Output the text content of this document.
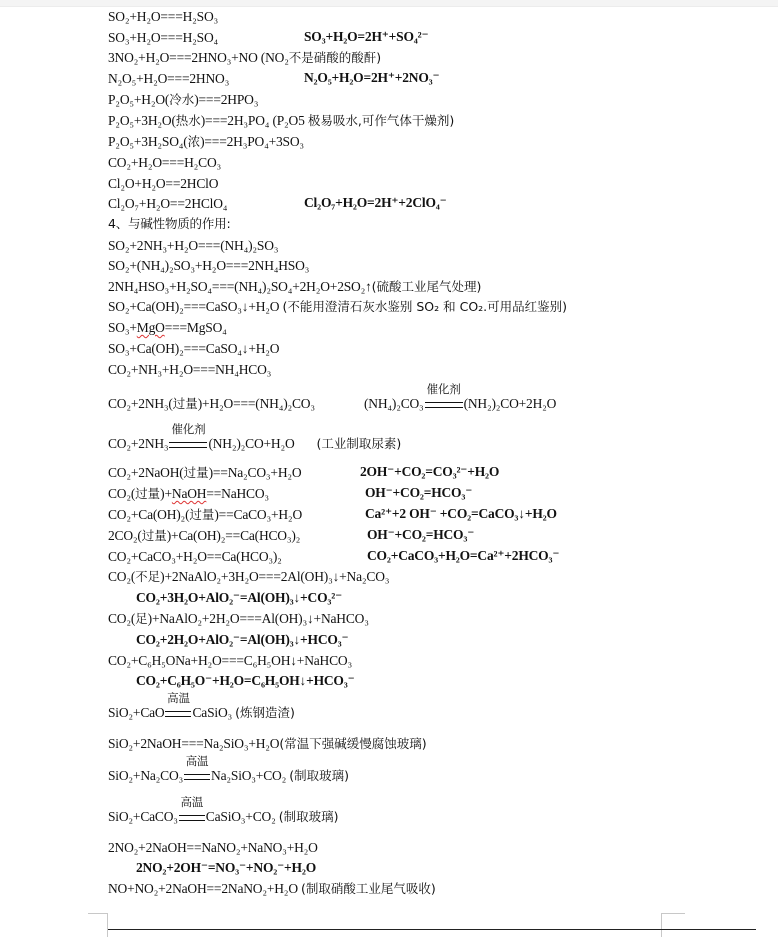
SO₂+H₂O===H₂SO₃
SO₃+H₂O===H₂SO₄	SO₃+H₂O=2H⁺+SO₄²⁻
3NO₂+H₂O===2HNO₃+NO (NO₂不是硝酸的酸酐)
N₂O₅+H₂O===2HNO₃	N₂O₅+H₂O=2H⁺+2NO₃⁻
P₂O₅+H₂O(冷水)===2HPO₃
P₂O₅+3H₂O(热水)===2H₃PO₄ (P₂O5 极易吸水,可作气体干燥剂)
P₂O₅+3H₂SO₄(浓)===2H₃PO₄+3SO₃
CO₂+H₂O===H₂CO₃
Cl₂O+H₂O==2HClO
Cl₂O₇+H₂O==2HClO₄	Cl₂O₇+H₂O=2H⁺+2ClO₄⁻
4、与碱性物质的作用:
SO₂+2NH₃+H₂O===(NH₄)₂SO₃
SO₂+(NH₄)₂SO₃+H₂O===2NH₄HSO₃
2NH₄HSO₃+H₂SO₄===(NH₄)₂SO₄+2H₂O+2SO₂↑(硫酸工业尾气处理)
SO₂+Ca(OH)₂===CaSO₃↓+H₂O (不能用澄清石灰水鉴别 SO₂ 和 CO₂.可用品红鉴别)
SO₃+MgO===MgSO₄
SO₃+Ca(OH)₂===CaSO₄↓+H₂O
CO₂+NH₃+H₂O===NH₄HCO₃
CO₂+2NH₃(过量)+H₂O===(NH₄)₂CO₃	(NH₄)₂CO₃
催化剂
(NH₂)₂CO+2H₂O
CO₂+2NH₃
催化剂
(NH₂)₂CO+H₂O (工业制取尿素)
CO₂+2NaOH(过量)==Na₂CO₃+H₂O	2OH⁻+CO₂=CO₃²⁻+H₂O
CO₂(过量)+NaOH==NaHCO₃	OH⁻+CO₂=HCO₃⁻
CO₂+Ca(OH)₂(过量)==CaCO₃+H₂O	Ca²⁺+2 OH⁻ +CO₂=CaCO₃↓+H₂O
2CO₂(过量)+Ca(OH)₂==Ca(HCO₃)₂	OH⁻+CO₂=HCO₃⁻
CO₂+CaCO₃+H₂O==Ca(HCO₃)₂	CO₂+CaCO₃+H₂O=Ca²⁺+2HCO₃⁻
CO₂(不足)+2NaAlO₂+3H₂O===2Al(OH)₃↓+Na₂CO₃
CO₂+3H₂O+AlO₂⁻=Al(OH)₃↓+CO₃²⁻
CO₂(足)+NaAlO₂+2H₂O===Al(OH)₃↓+NaHCO₃
CO₂+2H₂O+AlO₂⁻=Al(OH)₃↓+HCO₃⁻
CO₂+C₆H₅ONa+H₂O===C₆H₅OH↓+NaHCO₃
CO₂+C₆H₅O⁻+H₂O=C₆H₅OH↓+HCO₃⁻
SiO₂+CaO
高温
CaSiO₃ (炼钢造渣)
SiO₂+2NaOH===Na₂SiO₃+H₂O(常温下强碱缓慢腐蚀玻璃)
SiO₂+Na₂CO₃
高温
Na₂SiO₃+CO₂ (制取玻璃)
SiO₂+CaCO₃
高温
CaSiO₃+CO₂ (制取玻璃)
2NO₂+2NaOH==NaNO₂+NaNO₃+H₂O
2NO₂+2OH⁻=NO₃⁻+NO₂⁻+H₂O
NO+NO₂+2NaOH==2NaNO₂+H₂O (制取硝酸工业尾气吸收)
